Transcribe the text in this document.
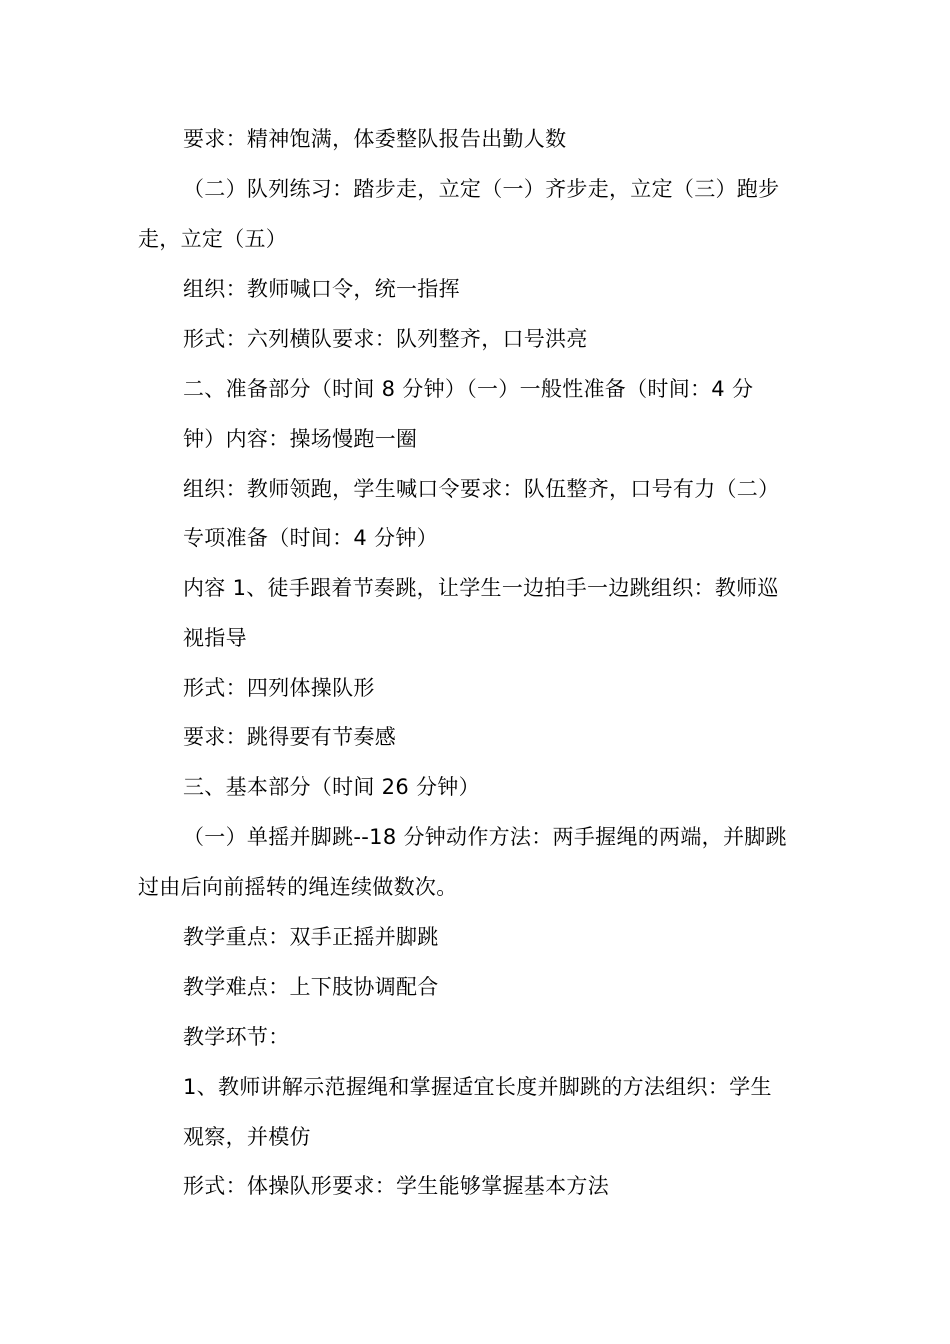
要求：精神饱满，体委整队报告出勤人数
（二）队列练习：踏步走，立定（一）齐步走，立定（三）跑步
走，立定（五）
组织：教师喊口令，统一指挥
形式：六列横队要求：队列整齐，口号洪亮
二、准备部分（时间 8 分钟）（一）一般性准备（时间：4 分
钟）内容：操场慢跑一圈
组织：教师领跑，学生喊口令要求：队伍整齐，口号有力（二）
专项准备（时间：4 分钟）
内容 1、徒手跟着节奏跳，让学生一边拍手一边跳组织：教师巡
视指导
形式：四列体操队形
要求：跳得要有节奏感
三、基本部分（时间 26 分钟）
（一）单摇并脚跳--18 分钟动作方法：两手握绳的两端，并脚跳
过由后向前摇转的绳连续做数次。
教学重点：双手正摇并脚跳
教学难点：上下肢协调配合
教学环节：
1、教师讲解示范握绳和掌握适宜长度并脚跳的方法组织：学生
观察，并模仿
形式：体操队形要求：学生能够掌握基本方法
